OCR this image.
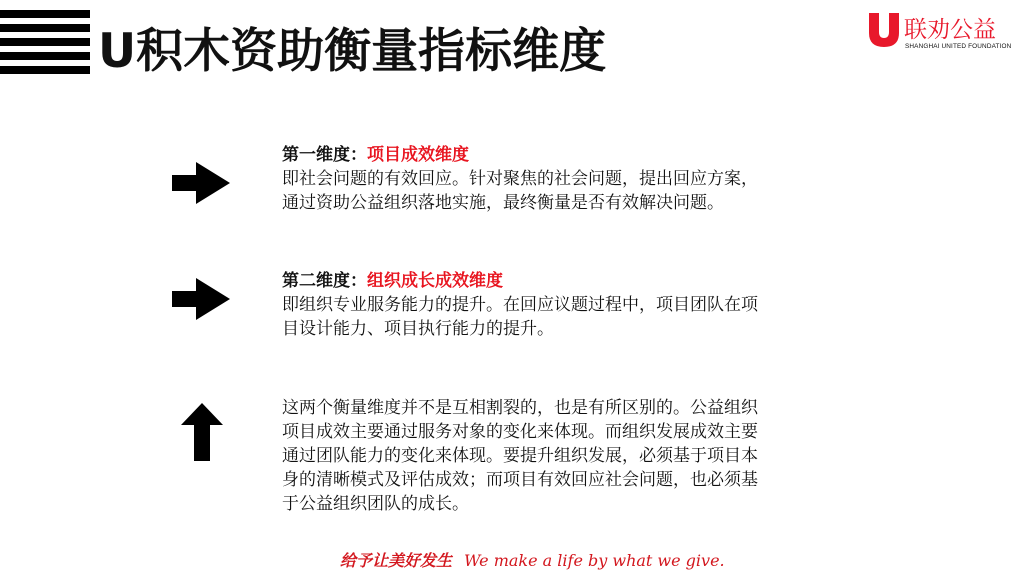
U积木资助衡量指标维度	联劝公益
SHANGHAI UNITED FOUNDATION
第一维度：项目成效维度
即社会问题的有效回应。针对聚焦的社会问题，提出回应方案，
通过资助公益组织落地实施，最终衡量是否有效解决问题。
第二维度：组织成长成效维度
即组织专业服务能力的提升。在回应议题过程中，项目团队在项
目设计能力、项目执行能力的提升。
这两个衡量维度并不是互相割裂的，也是有所区别的。公益组织
项目成效主要通过服务对象的变化来体现。而组织发展成效主要
通过团队能力的变化来体现。要提升组织发展，必须基于项目本
身的清晰模式及评估成效；而项目有效回应社会问题，也必须基
于公益组织团队的成长。
给予让美好发生 We make a life by what we give.
